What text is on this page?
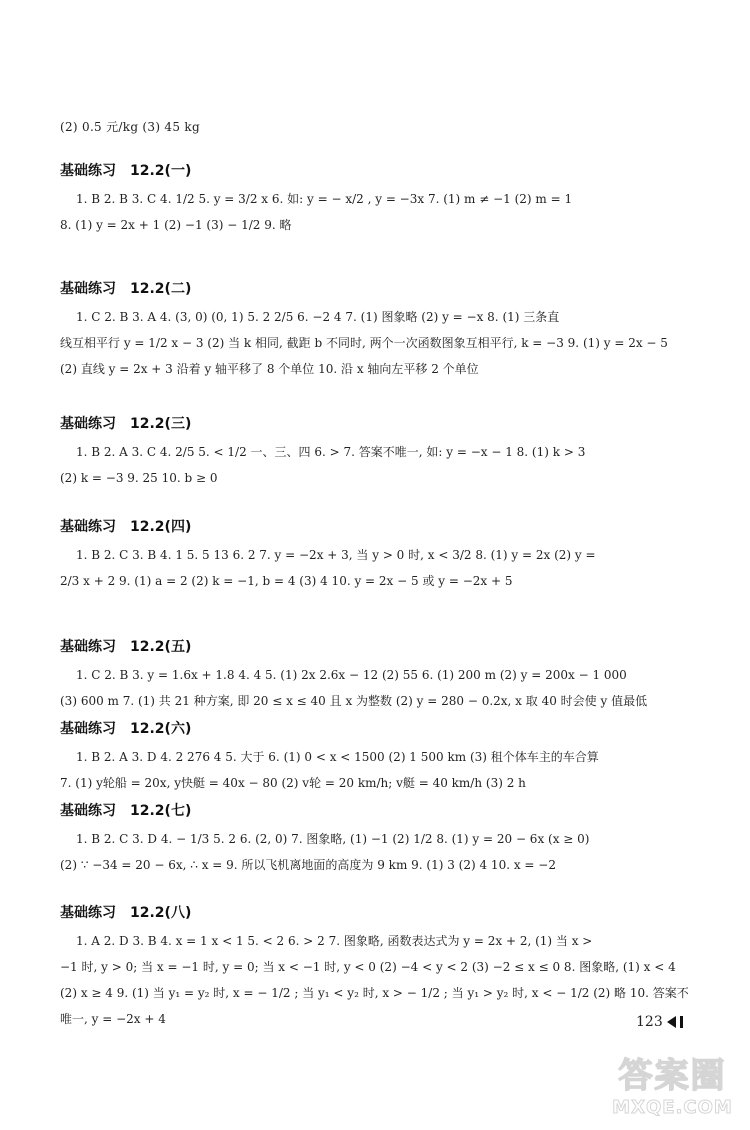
(2) 0.5 元/kg (3) 45 kg
基础练习 12.2(一)
1. B 2. B 3. C 4. 1/2 5. y = 3/2 x 6. 如: y = − x/2 , y = −3x 7. (1) m ≠ −1 (2) m = 1
8. (1) y = 2x + 1 (2) −1 (3) − 1/2 9. 略
基础练习 12.2(二)
1. C 2. B 3. A 4. (3, 0) (0, 1) 5. 2 2/5 6. −2 4 7. (1) 图象略 (2) y = −x 8. (1) 三条直
线互相平行 y = 1/2 x − 3 (2) 当 k 相同, 截距 b 不同时, 两个一次函数图象互相平行, k = −3 9. (1) y = 2x − 5
(2) 直线 y = 2x + 3 沿着 y 轴平移了 8 个单位 10. 沿 x 轴向左平移 2 个单位
基础练习 12.2(三)
1. B 2. A 3. C 4. 2/5 5. < 1/2 一、三、四 6. > 7. 答案不唯一, 如: y = −x − 1 8. (1) k > 3
(2) k = −3 9. 25 10. b ≥ 0
基础练习 12.2(四)
1. B 2. C 3. B 4. 1 5. 5 13 6. 2 7. y = −2x + 3, 当 y > 0 时, x < 3/2 8. (1) y = 2x (2) y =
2/3 x + 2 9. (1) a = 2 (2) k = −1, b = 4 (3) 4 10. y = 2x − 5 或 y = −2x + 5
基础练习 12.2(五)
1. C 2. B 3. y = 1.6x + 1.8 4. 4 5. (1) 2x 2.6x − 12 (2) 55 6. (1) 200 m (2) y = 200x − 1 000
(3) 600 m 7. (1) 共 21 种方案, 即 20 ≤ x ≤ 40 且 x 为整数 (2) y = 280 − 0.2x, x 取 40 时会使 y 值最低
基础练习 12.2(六)
1. B 2. A 3. D 4. 2 276 4 5. 大于 6. (1) 0 < x < 1500 (2) 1 500 km (3) 租个体车主的车合算
7. (1) y轮船 = 20x, y快艇 = 40x − 80 (2) v轮 = 20 km/h; v艇 = 40 km/h (3) 2 h
基础练习 12.2(七)
1. B 2. C 3. D 4. − 1/3 5. 2 6. (2, 0) 7. 图象略, (1) −1 (2) 1/2 8. (1) y = 20 − 6x (x ≥ 0)
(2) ∵ −34 = 20 − 6x, ∴ x = 9. 所以飞机离地面的高度为 9 km 9. (1) 3 (2) 4 10. x = −2
基础练习 12.2(八)
1. A 2. D 3. B 4. x = 1 x < 1 5. < 2 6. > 2 7. 图象略, 函数表达式为 y = 2x + 2, (1) 当 x >
−1 时, y > 0; 当 x = −1 时, y = 0; 当 x < −1 时, y < 0 (2) −4 < y < 2 (3) −2 ≤ x ≤ 0 8. 图象略, (1) x < 4
(2) x ≥ 4 9. (1) 当 y₁ = y₂ 时, x = − 1/2 ; 当 y₁ < y₂ 时, x > − 1/2 ; 当 y₁ > y₂ 时, x < − 1/2 (2) 略 10. 答案不
唯一, y = −2x + 4	123
答案圈
MXQE.COM
